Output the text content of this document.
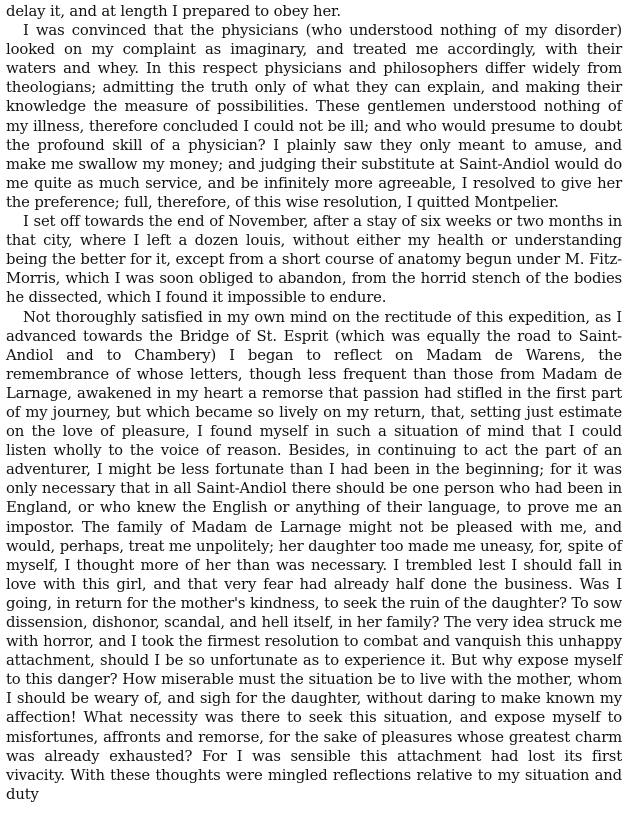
delay it, and at length I prepared to obey her.

I was convinced that the physicians (who understood nothing of my disorder) looked on my complaint as imaginary, and treated me accordingly, with their waters and whey. In this respect physicians and philosophers differ widely from theologians; admitting the truth only of what they can explain, and making their knowledge the measure of possibilities. These gentlemen understood nothing of my illness, therefore concluded I could not be ill; and who would presume to doubt the profound skill of a physician? I plainly saw they only meant to amuse, and make me swallow my money; and judging their substitute at Saint-Andiol would do me quite as much service, and be infinitely more agreeable, I resolved to give her the preference; full, therefore, of this wise resolution, I quitted Montpelier.

I set off towards the end of November, after a stay of six weeks or two months in that city, where I left a dozen louis, without either my health or understanding being the better for it, except from a short course of anatomy begun under M. Fitz-Morris, which I was soon obliged to abandon, from the horrid stench of the bodies he dissected, which I found it impossible to endure.

Not thoroughly satisfied in my own mind on the rectitude of this expedition, as I advanced towards the Bridge of St. Esprit (which was equally the road to Saint-Andiol and to Chambery) I began to reflect on Madam de Warens, the remembrance of whose letters, though less frequent than those from Madam de Larnage, awakened in my heart a remorse that passion had stifled in the first part of my journey, but which became so lively on my return, that, setting just estimate on the love of pleasure, I found myself in such a situation of mind that I could listen wholly to the voice of reason. Besides, in continuing to act the part of an adventurer, I might be less fortunate than I had been in the beginning; for it was only necessary that in all Saint-Andiol there should be one person who had been in England, or who knew the English or anything of their language, to prove me an impostor. The family of Madam de Larnage might not be pleased with me, and would, perhaps, treat me unpolitely; her daughter too made me uneasy, for, spite of myself, I thought more of her than was necessary. I trembled lest I should fall in love with this girl, and that very fear had already half done the business. Was I going, in return for the mother's kindness, to seek the ruin of the daughter? To sow dissension, dishonor, scandal, and hell itself, in her family? The very idea struck me with horror, and I took the firmest resolution to combat and vanquish this unhappy attachment, should I be so unfortunate as to experience it. But why expose myself to this danger? How miserable must the situation be to live with the mother, whom I should be weary of, and sigh for the daughter, without daring to make known my affection! What necessity was there to seek this situation, and expose myself to misfortunes, affronts and remorse, for the sake of pleasures whose greatest charm was already exhausted? For I was sensible this attachment had lost its first vivacity. With these thoughts were mingled reflections relative to my situation and duty
